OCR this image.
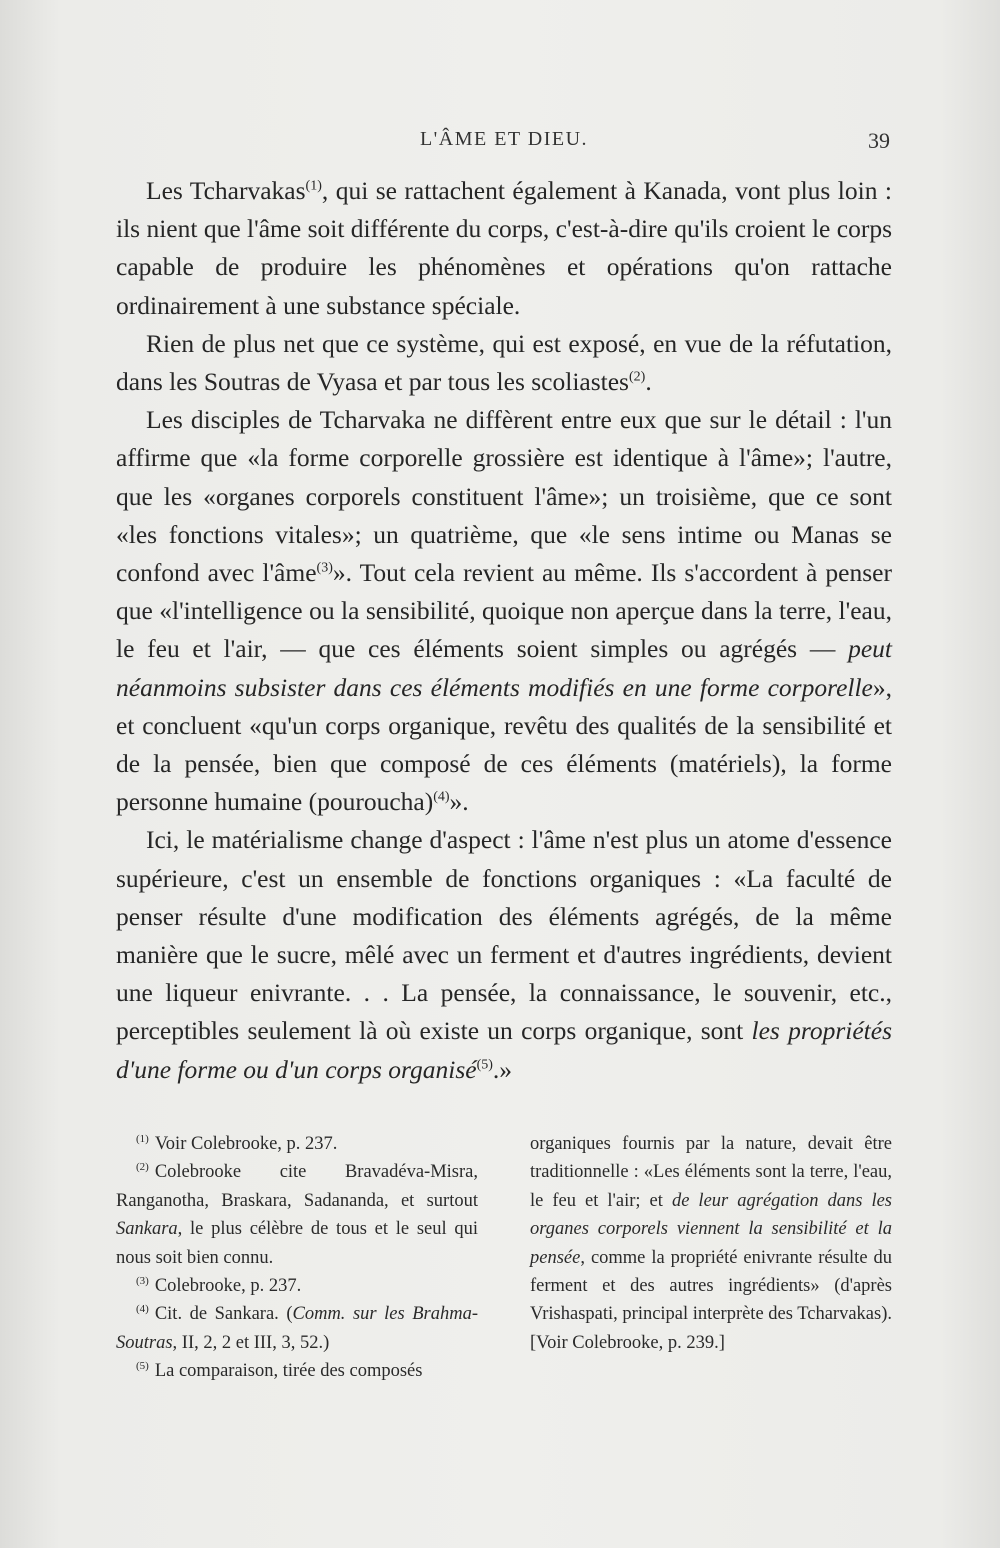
L'ÂME ET DIEU.	39

Les Tcharvakas$^{(1)}$, qui se rattachent également à Kanada, vont plus loin : ils nient que l'âme soit différente du corps, c'est-à-dire qu'ils croient le corps capable de produire les phénomènes et opérations qu'on rattache ordinairement à une substance spéciale.

Rien de plus net que ce système, qui est exposé, en vue de la réfutation, dans les Soutras de Vyasa et par tous les scoliastes$^{(2)}$.

Les disciples de Tcharvaka ne diffèrent entre eux que sur le détail : l'un affirme que «la forme corporelle grossière est identique à l'âme»; l'autre, que les «organes corporels constituent l'âme»; un troisième, que ce sont «les fonctions vitales»; un quatrième, que «le sens intime ou Manas se confond avec l'âme$^{(3)}$». Tout cela revient au même. Ils s'accordent à penser que «l'intelligence ou la sensibilité, quoique non aperçue dans la terre, l'eau, le feu et l'air, — que ces éléments soient simples ou agrégés — peut néanmoins subsister dans ces éléments modifiés en une forme corporelle», et concluent «qu'un corps organique, revêtu des qualités de la sensibilité et de la pensée, bien que composé de ces éléments (matériels), la forme personne humaine (pouroucha)$^{(4)}$».

Ici, le matérialisme change d'aspect : l'âme n'est plus un atome d'essence supérieure, c'est un ensemble de fonctions organiques : «La faculté de penser résulte d'une modification des éléments agrégés, de la même manière que le sucre, mêlé avec un ferment et d'autres ingrédients, devient une liqueur enivrante. . . La pensée, la connaissance, le souvenir, etc., perceptibles seulement là où existe un corps organique, sont les propriétés d'une forme ou d'un corps organisé$^{(5)}$.»

$^{(1)}$ Voir Colebrooke, p. 237.

$^{(2)}$ Colebrooke cite Bravadéva-Misra, Ranganotha, Braskara, Sadananda, et surtout Sankara, le plus célèbre de tous et le seul qui nous soit bien connu.

$^{(3)}$ Colebrooke, p. 237.

$^{(4)}$ Cit. de Sankara. (Comm. sur les Brahma-Soutras, II, 2, 2 et III, 3, 52.)

$^{(5)}$ La comparaison, tirée des composés

organiques fournis par la nature, devait être traditionnelle : «Les éléments sont la terre, l'eau, le feu et l'air; et de leur agrégation dans les organes corporels viennent la sensibilité et la pensée, comme la propriété enivrante résulte du ferment et des autres ingrédients» (d'après Vrishaspati, principal interprète des Tcharvakas). [Voir Colebrooke, p. 239.]
